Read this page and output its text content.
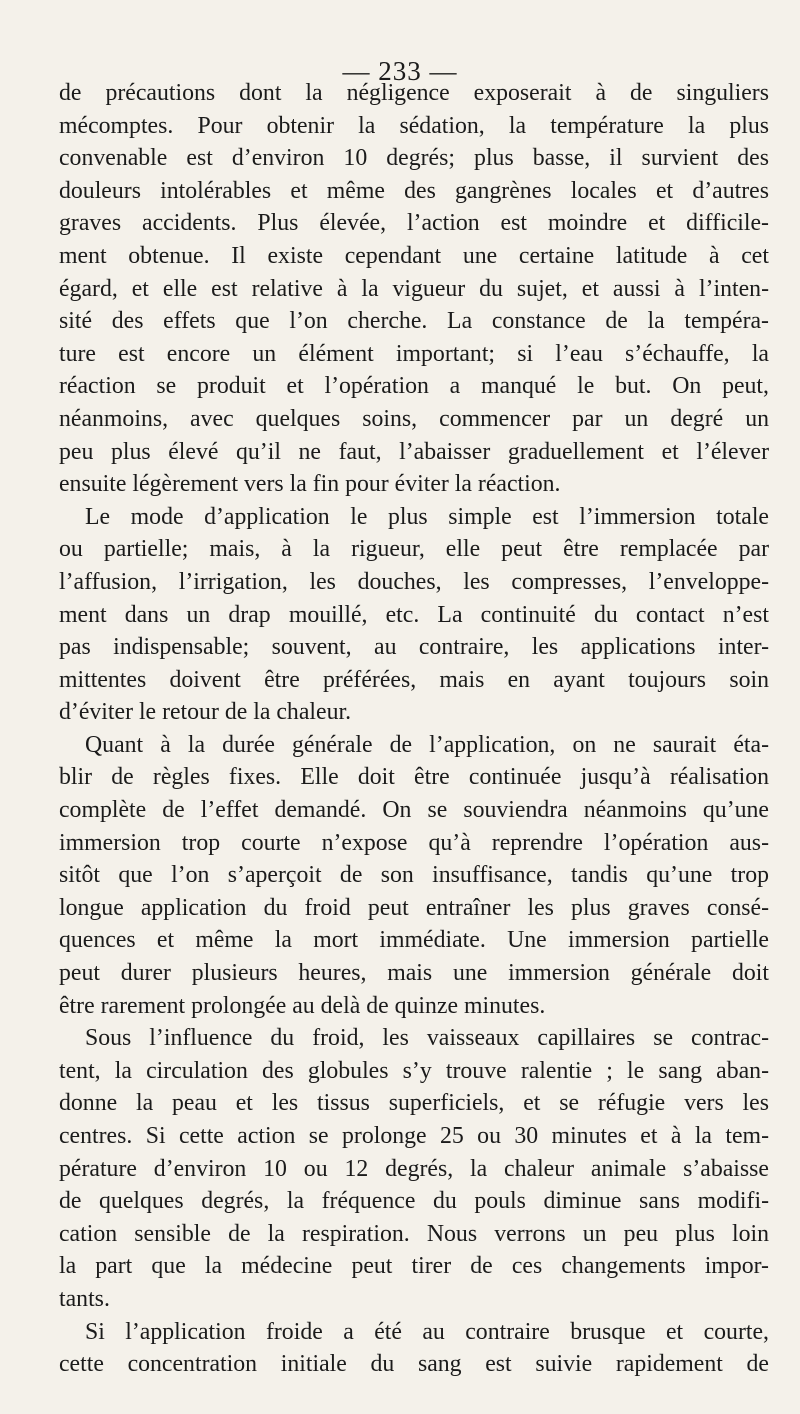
— 233 —
de précautions dont la négligence exposerait à de singuliers
mécomptes. Pour obtenir la sédation, la température la plus
convenable est d’environ 10 degrés; plus basse, il survient des
douleurs intolérables et même des gangrènes locales et d’autres
graves accidents. Plus élevée, l’action est moindre et difficile-
ment obtenue. Il existe cependant une certaine latitude à cet
égard, et elle est relative à la vigueur du sujet, et aussi à l’inten-
sité des effets que l’on cherche. La constance de la tempéra-
ture est encore un élément important; si l’eau s’échauffe, la
réaction se produit et l’opération a manqué le but. On peut,
néanmoins, avec quelques soins, commencer par un degré un
peu plus élevé qu’il ne faut, l’abaisser graduellement et l’élever
ensuite légèrement vers la fin pour éviter la réaction.
Le mode d’application le plus simple est l’immersion totale
ou partielle; mais, à la rigueur, elle peut être remplacée par
l’affusion, l’irrigation, les douches, les compresses, l’enveloppe-
ment dans un drap mouillé, etc. La continuité du contact n’est
pas indispensable; souvent, au contraire, les applications inter-
mittentes doivent être préférées, mais en ayant toujours soin
d’éviter le retour de la chaleur.
Quant à la durée générale de l’application, on ne saurait éta-
blir de règles fixes. Elle doit être continuée jusqu’à réalisation
complète de l’effet demandé. On se souviendra néanmoins qu’une
immersion trop courte n’expose qu’à reprendre l’opération aus-
sitôt que l’on s’aperçoit de son insuffisance, tandis qu’une trop
longue application du froid peut entraîner les plus graves consé-
quences et même la mort immédiate. Une immersion partielle
peut durer plusieurs heures, mais une immersion générale doit
être rarement prolongée au delà de quinze minutes.
Sous l’influence du froid, les vaisseaux capillaires se contrac-
tent, la circulation des globules s’y trouve ralentie ; le sang aban-
donne la peau et les tissus superficiels, et se réfugie vers les
centres. Si cette action se prolonge 25 ou 30 minutes et à la tem-
pérature d’environ 10 ou 12 degrés, la chaleur animale s’abaisse
de quelques degrés, la fréquence du pouls diminue sans modifi-
cation sensible de la respiration. Nous verrons un peu plus loin
la part que la médecine peut tirer de ces changements impor-
tants.
Si l’application froide a été au contraire brusque et courte,
cette concentration initiale du sang est suivie rapidement de
